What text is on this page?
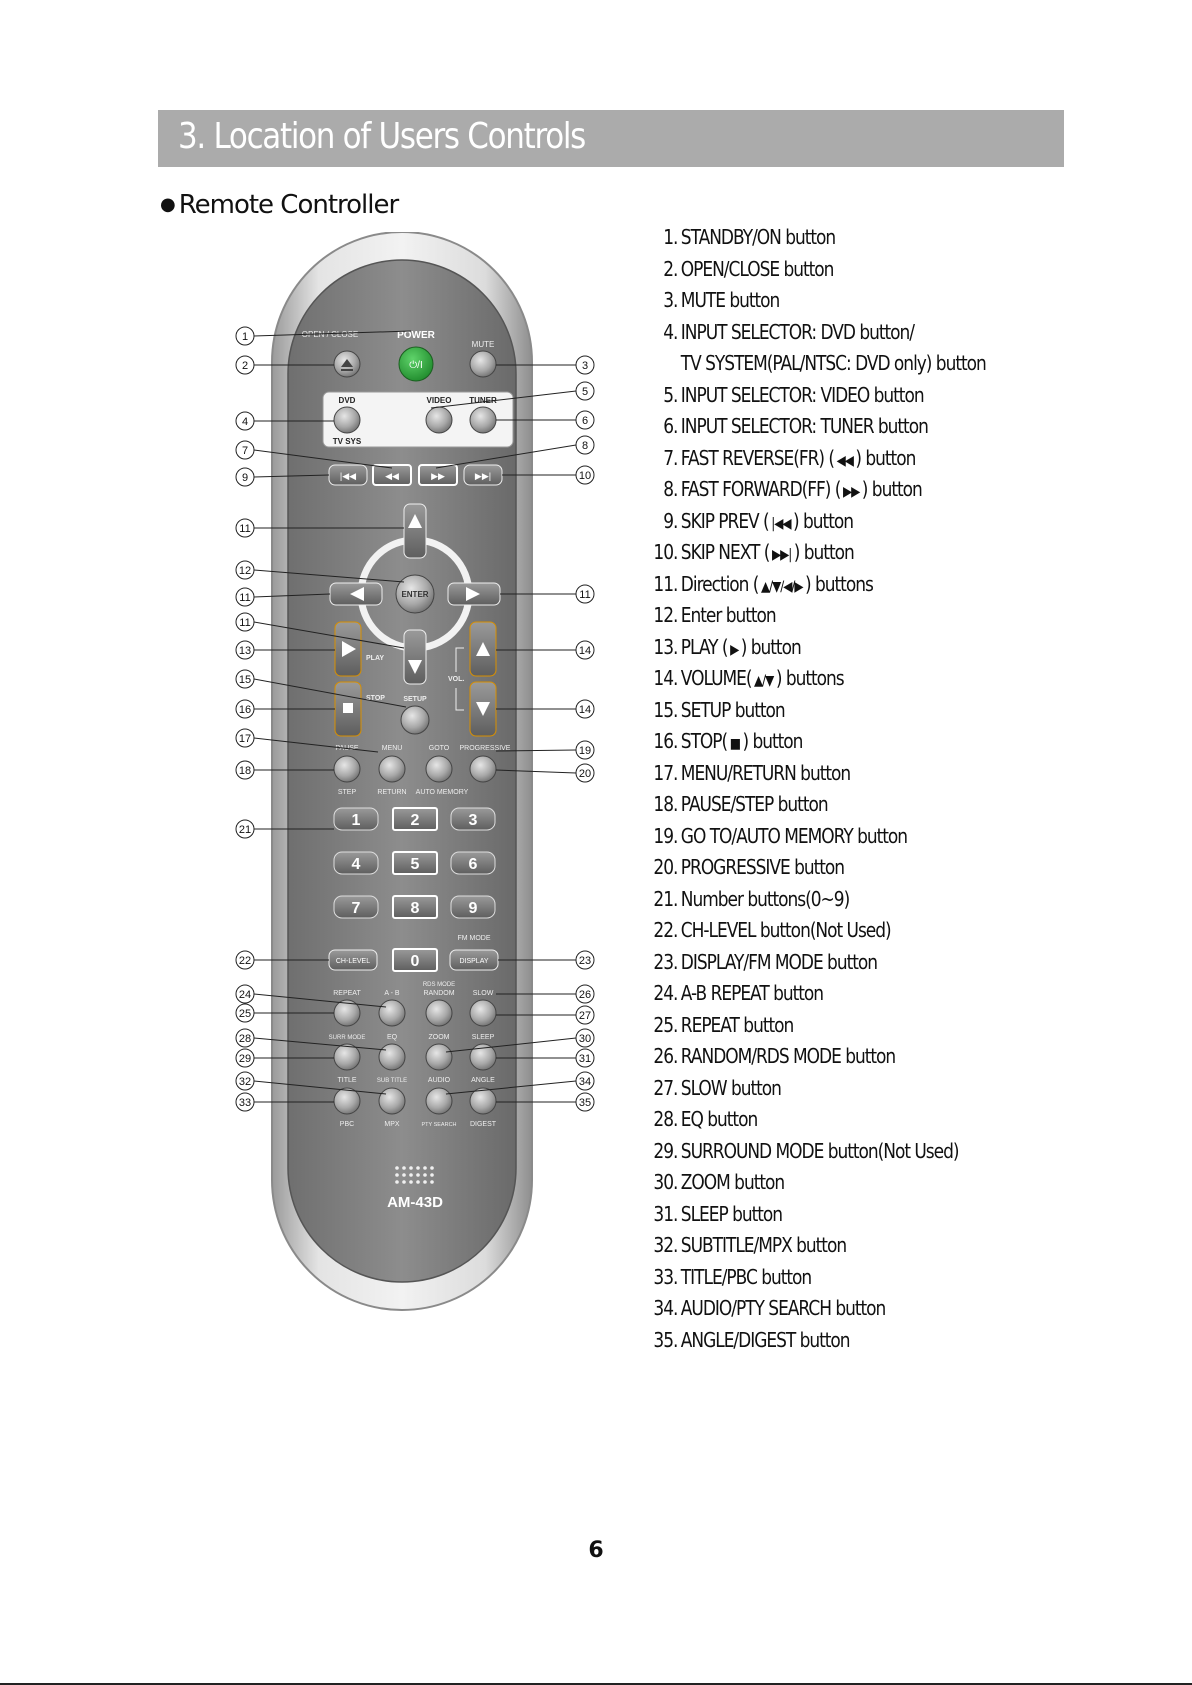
3. Location of Users Controls
● Remote Controller
OPEN / CLOSE	POWER
MUTE
⏻/I
DVD	VIDEO TUNER
TV SYS
|◀◀	◀◀	▶▶	▶▶|
ENTER
PLAY
VOL.
STOP	SETUP
PAUSE	MENU	GOTO PROGRESSIVE
STEP	RETURN AUTO MEMORY
1	2	3
4	5	6
7	8	9
0
FM MODE
CH-LEVEL	DISPLAY
RDS MODE
REPEAT	A - B	RANDOM	SLOW
SURR MODE	EQ	ZOOM	SLEEP
TITLE	SUB TITLE	AUDIO	ANGLE
PBC	MPX	PTY SEARCH DIGEST
AM-43D
1
2	3
4
5
6
7	8
9	10
11
12
11	11
11
13	14
15
16	14
17
18
19
20
21
22	23
24
25
26
27
28
29
30
31
32
33
34
35
1. STANDBY/ON button
2. OPEN/CLOSE button
3. MUTE button
4. INPUT SELECTOR: DVD button/
TV SYSTEM(PAL/NTSC: DVD only) button
5. INPUT SELECTOR: VIDEO button
6. INPUT SELECTOR: TUNER button
7. FAST REVERSE(FR) ( ◀◀ ) button
8. FAST FORWARD(FF) ( ▶▶ ) button
9. SKIP PREV ( |◀◀ ) button
10. SKIP NEXT ( ▶▶| ) button
11. Direction ( ▲/▼/◀/▶ ) buttons
12. Enter button
13. PLAY ( ▶ ) button
14. VOLUME( ▲/▼ ) buttons
15. SETUP button
16. STOP( ■ ) button
17. MENU/RETURN button
18. PAUSE/STEP button
19. GO TO/AUTO MEMORY button
20. PROGRESSIVE button
21. Number buttons(0~9)
22. CH-LEVEL button(Not Used)
23. DISPLAY/FM MODE button
24. A-B REPEAT button
25. REPEAT button
26. RANDOM/RDS MODE button
27. SLOW button
28. EQ button
29. SURROUND MODE button(Not Used)
30. ZOOM button
31. SLEEP button
32. SUBTITLE/MPX button
33. TITLE/PBC button
34. AUDIO/PTY SEARCH button
35. ANGLE/DIGEST button
6
